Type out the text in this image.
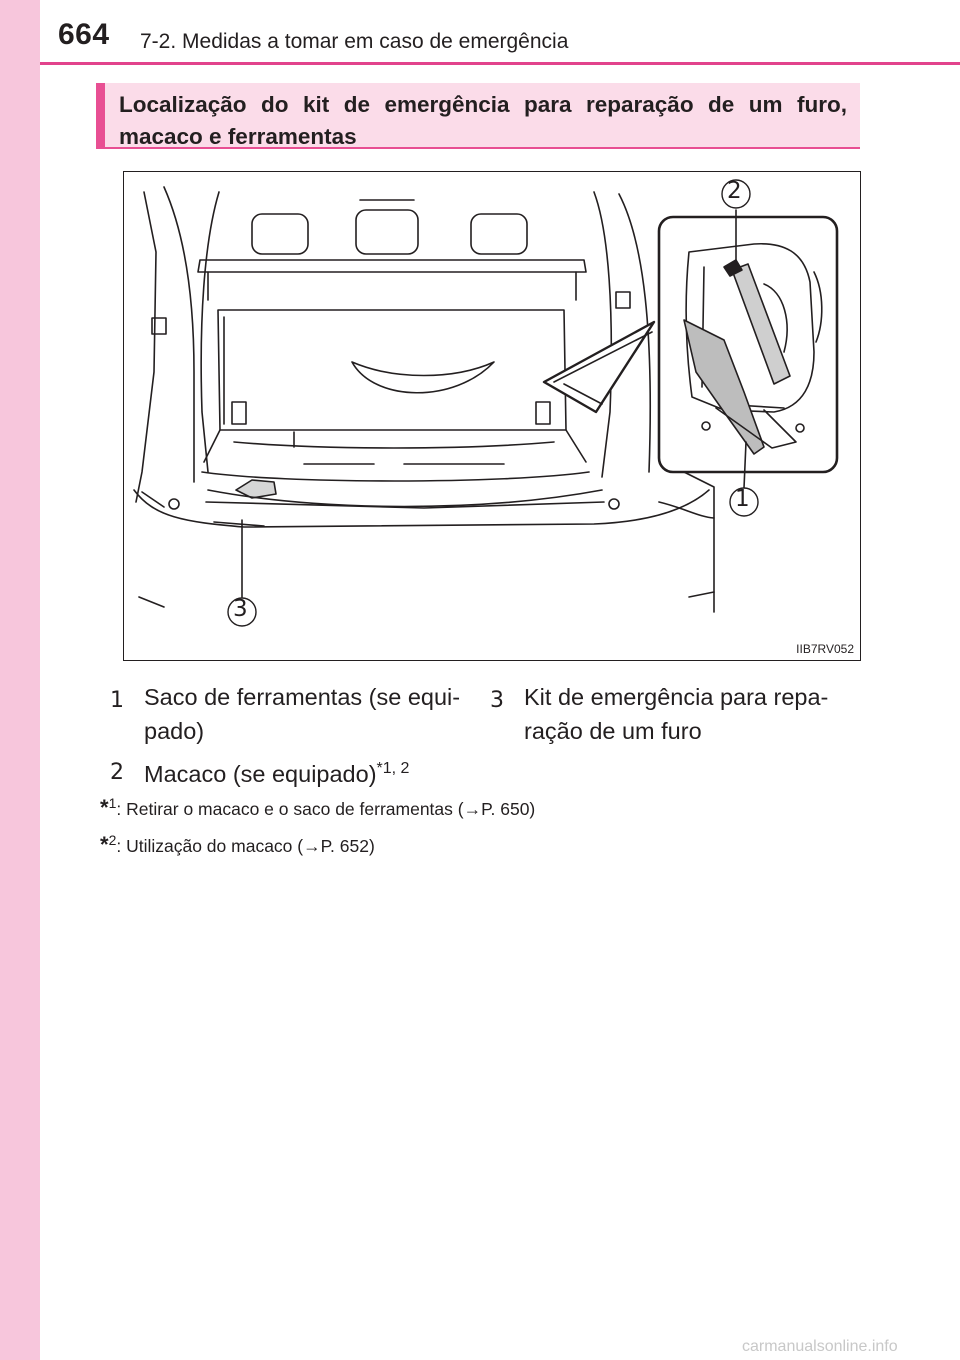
664 7-2. Medidas a tomar em caso de emergência
Localização do kit de emergência para reparação de um furo, macaco e ferramentas
2
1
3
IIB7RV052
1 Saco de ferramentas (se equi-
pado)
2 Macaco (se equipado)$^{*1, 2}$
3 Kit de emergência para repa-
ração de um furo
*$^1$: Retirar o macaco e o saco de ferramentas (→P. 650)
*$^2$: Utilização do macaco (→P. 652)
carmanualsonline.info
